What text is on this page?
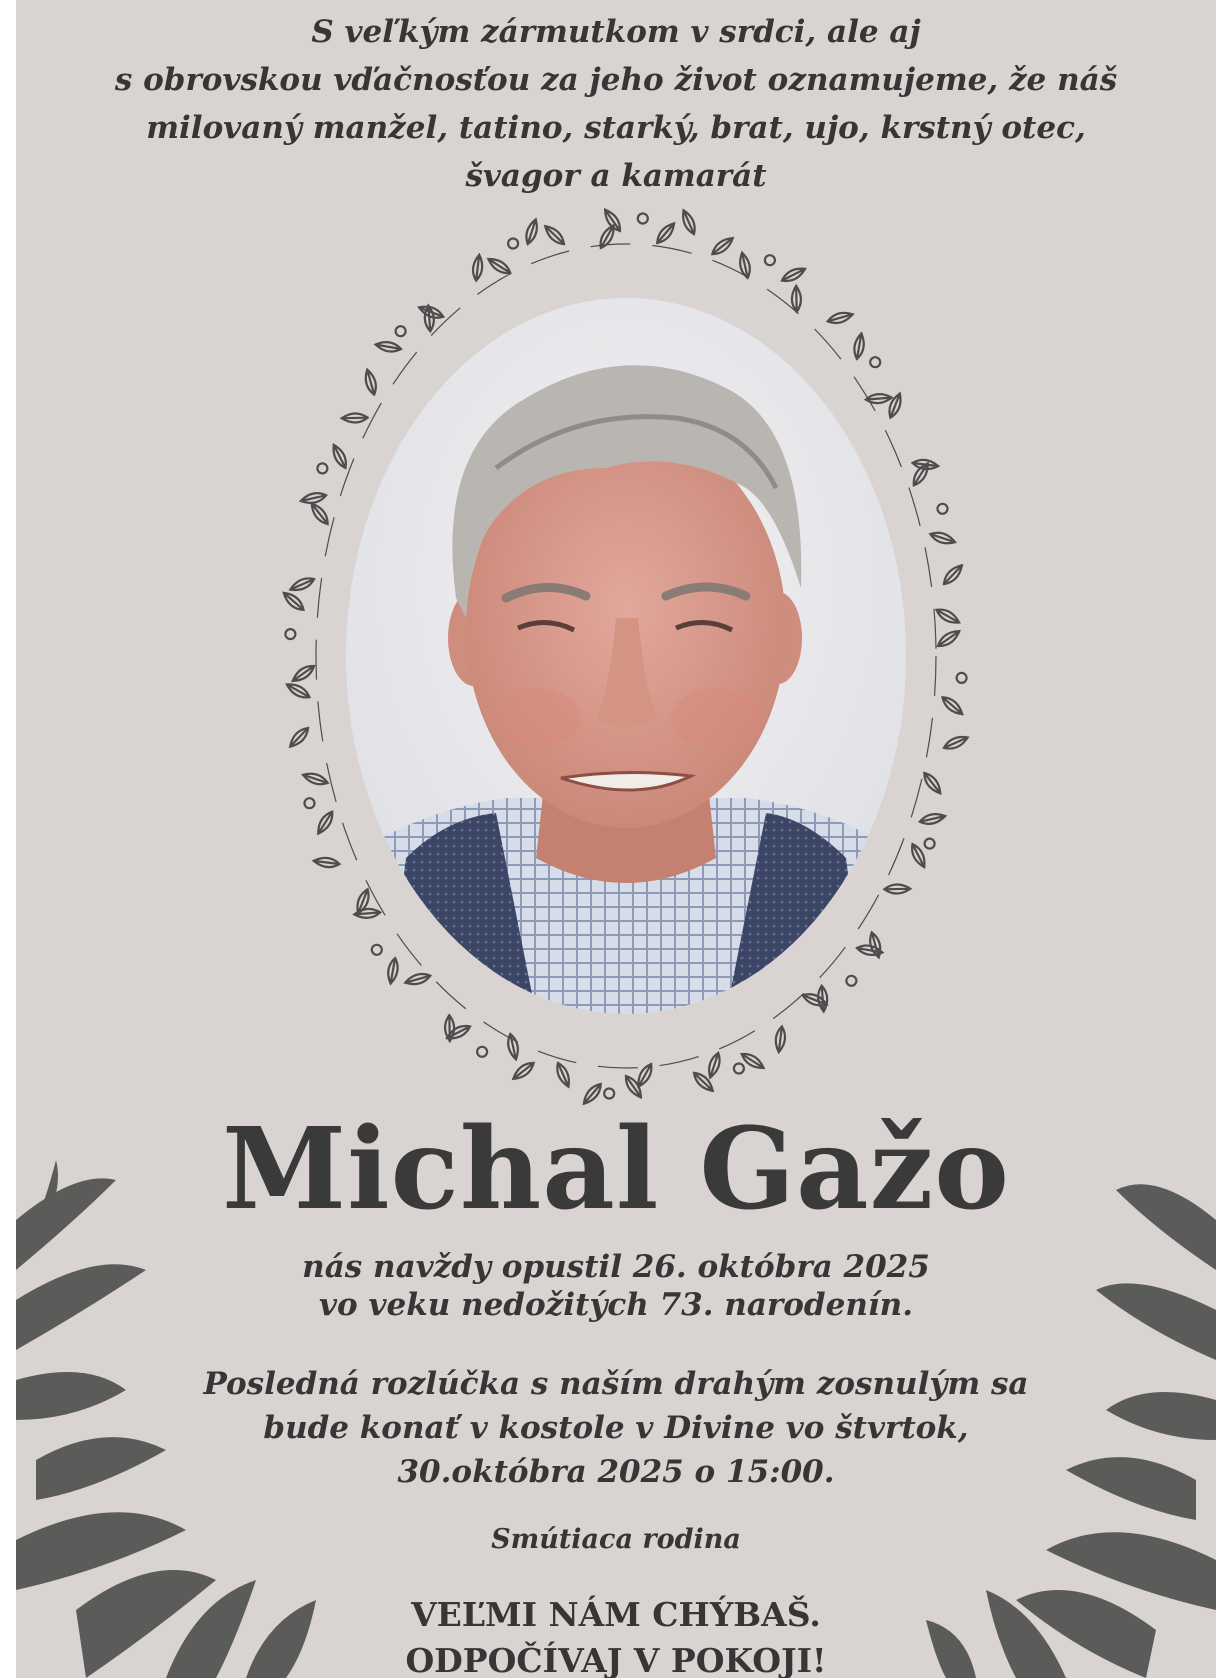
S veľkým zármutkom v srdci, ale aj
s obrovskou vďačnosťou za jeho život oznamujeme, že náš
milovaný manžel, tatino, starký, brat, ujo, krstný otec,
švagor a kamarát
Michal Gažo
nás navždy opustil 26. októbra 2025
vo veku nedožitých 73. narodenín.
Posledná rozlúčka s naším drahým zosnulým sa
bude konať v kostole v Divine vo štvrtok,
30.októbra 2025 o 15:00.
Smútiaca rodina
VEĽMI NÁM CHÝBAŠ.
ODPOČÍVAJ V POKOJI!
